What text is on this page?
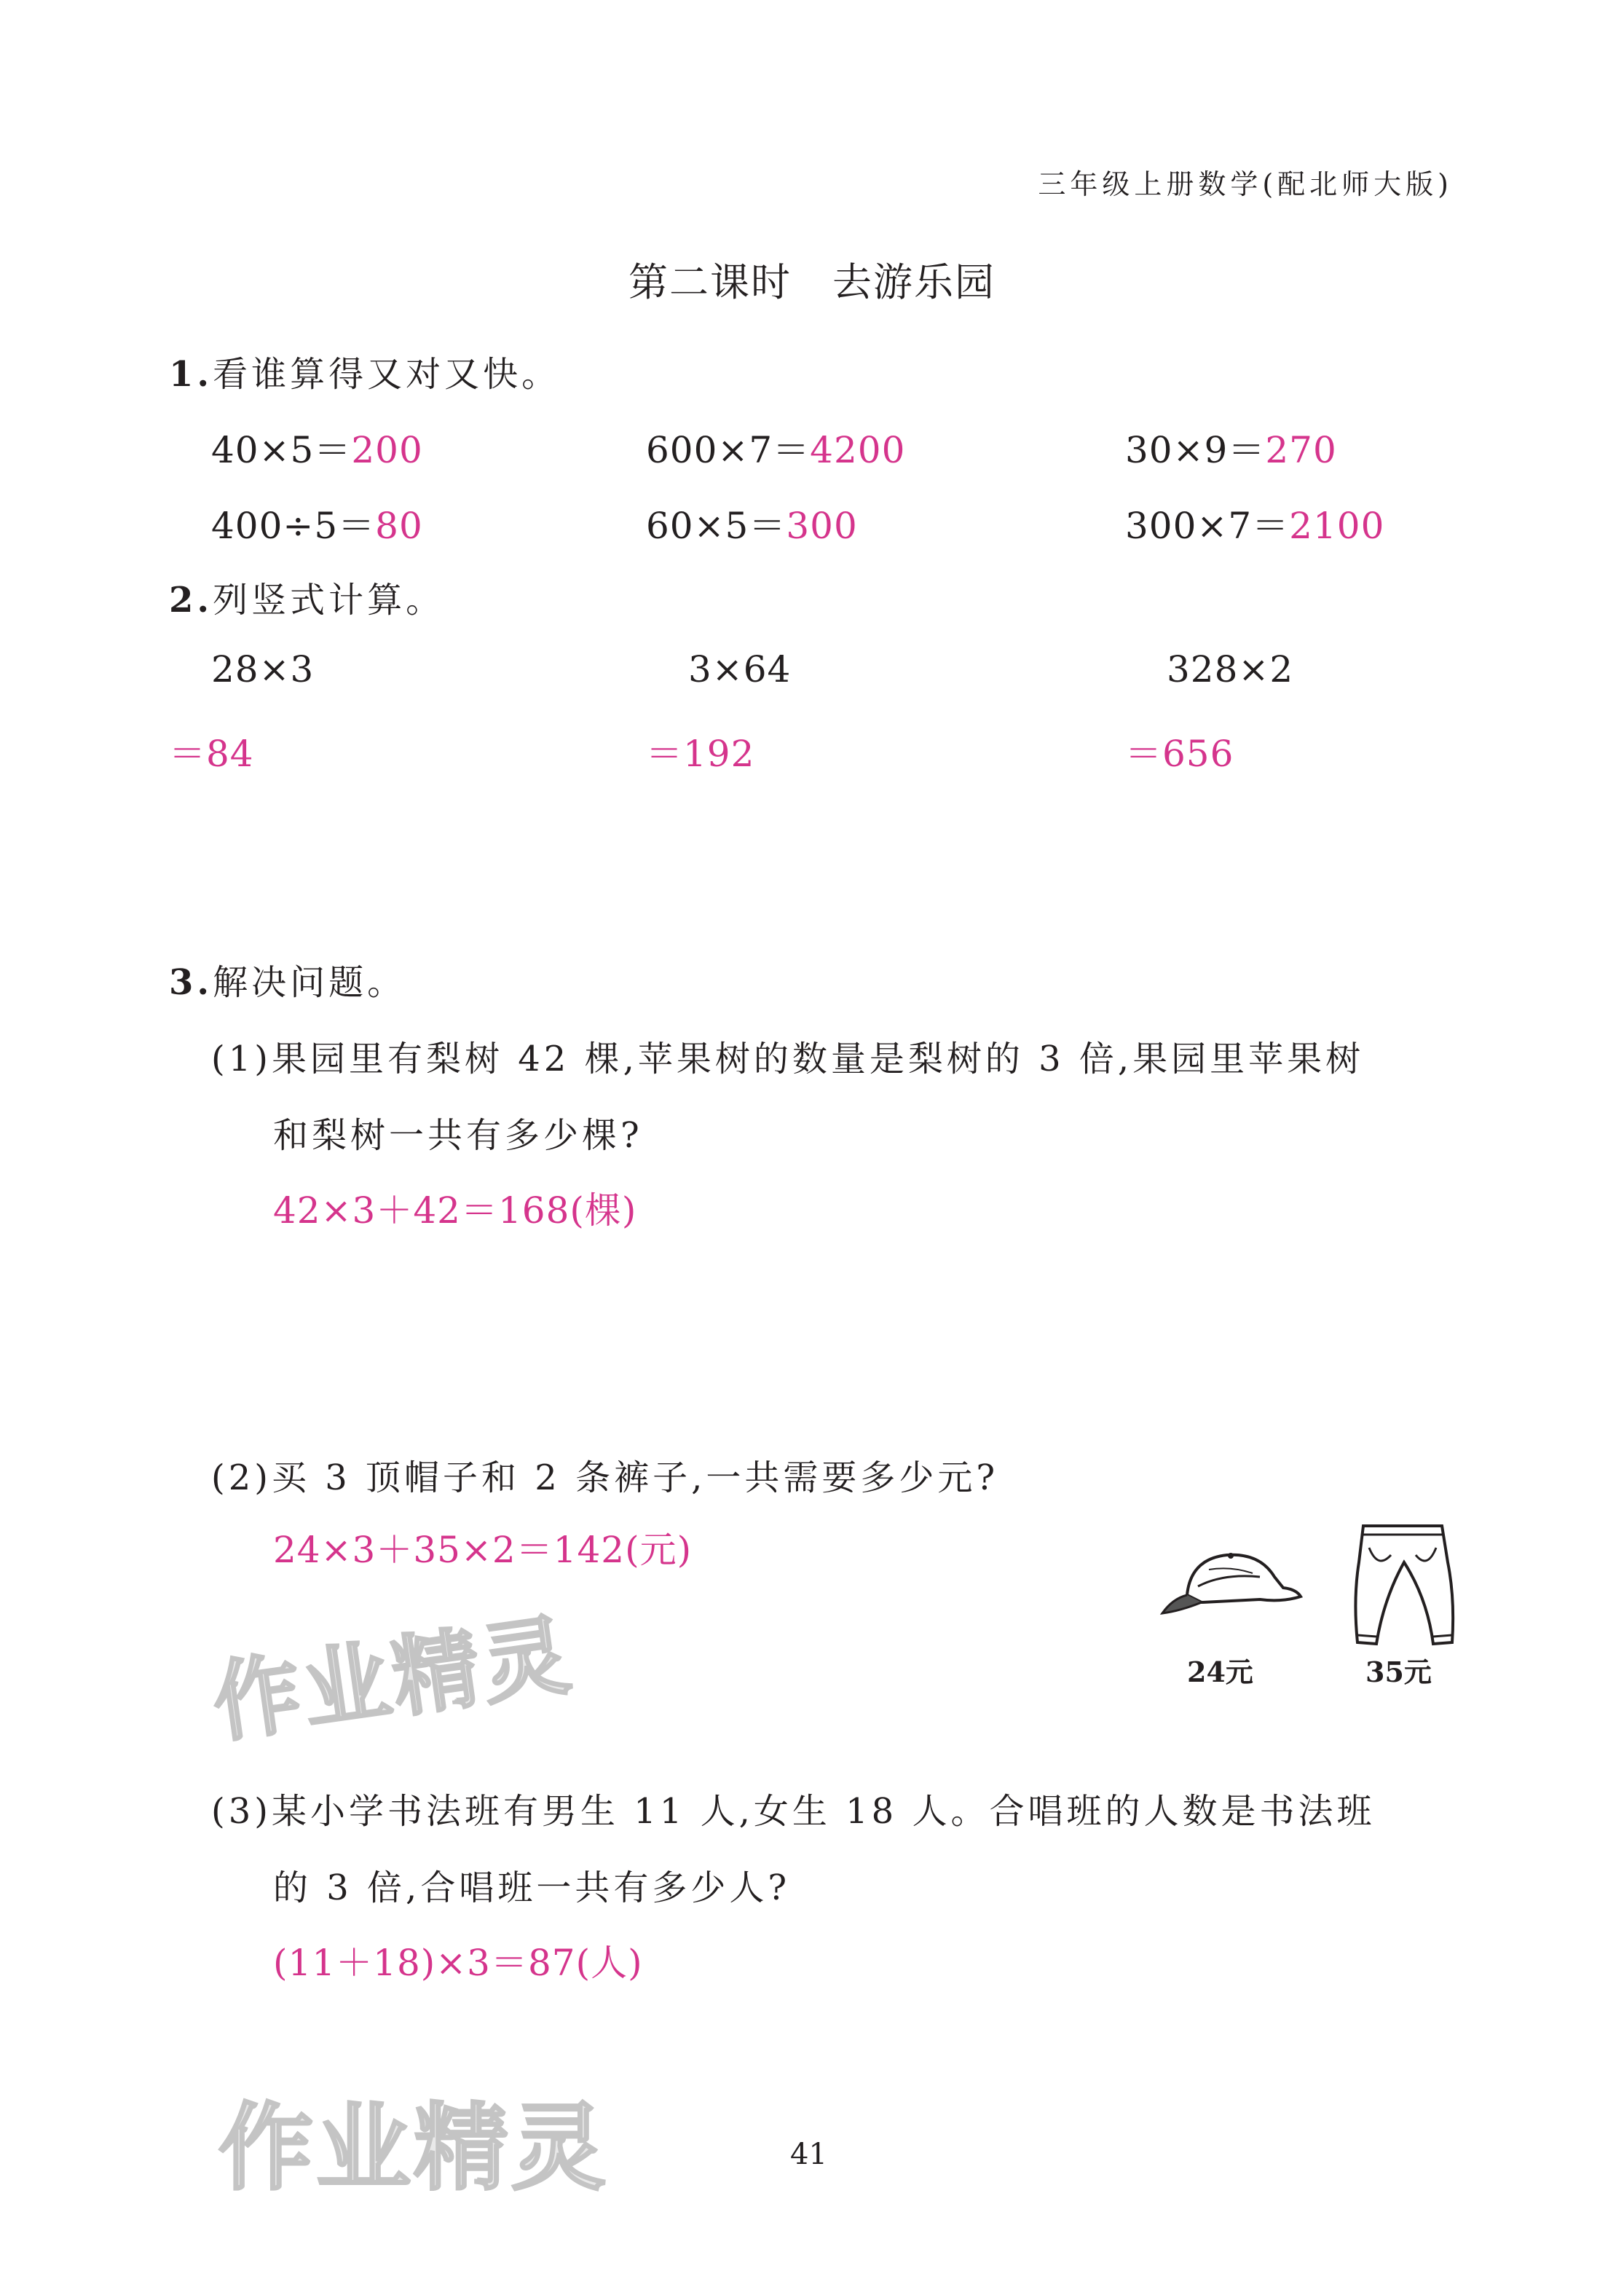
三年级上册数学(配北师大版)
第二课时　去游乐园
1.看谁算得又对又快。
40×5＝200	600×7＝4200	30×9＝270
400÷5＝80	60×5＝300	300×7＝2100
2.列竖式计算。
28×3	3×64	328×2
＝84	＝192	＝656
3.解决问题。
(1)果园里有梨树 42 棵,苹果树的数量是梨树的 3 倍,果园里苹果树
和梨树一共有多少棵?
42×3＋42＝168(棵)
(2)买 3 顶帽子和 2 条裤子,一共需要多少元?
24×3＋35×2＝142(元)
24元	35元
作业精灵
(3)某小学书法班有男生 11 人,女生 18 人。合唱班的人数是书法班
的 3 倍,合唱班一共有多少人?
(11＋18)×3＝87(人)
作业精灵	41
